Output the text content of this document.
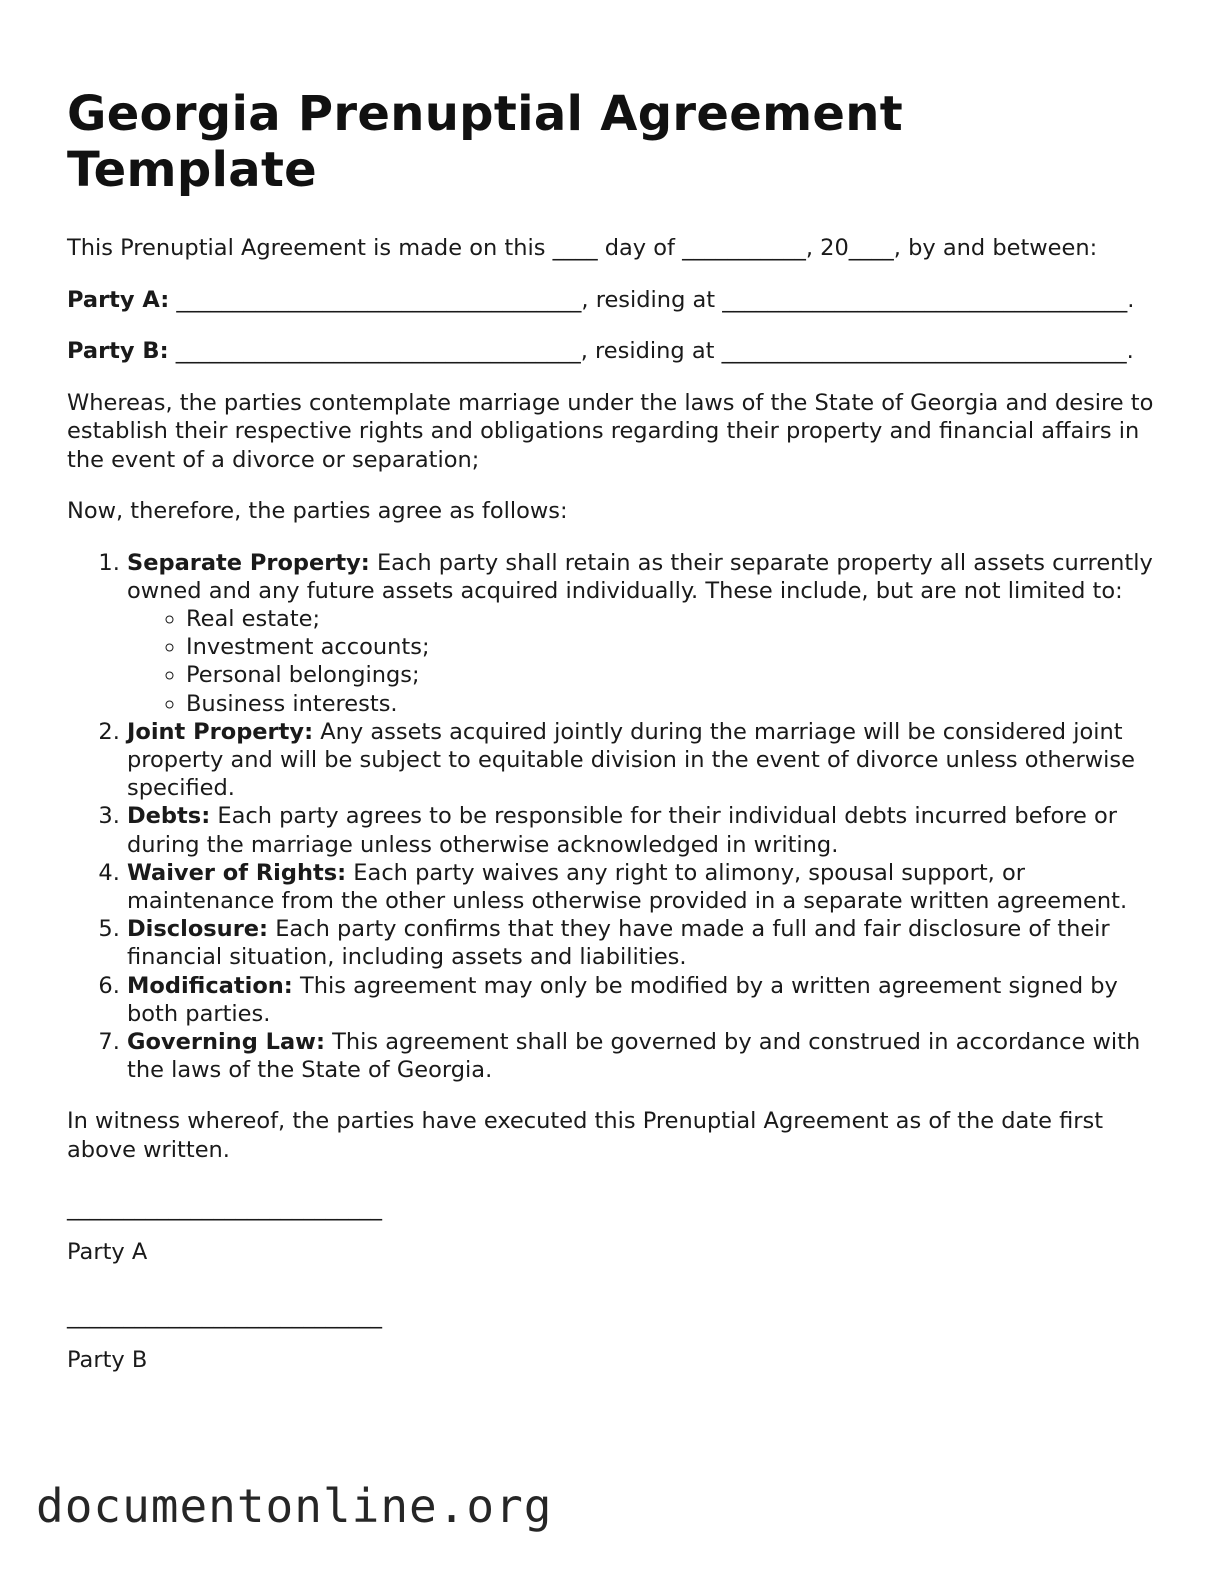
Georgia Prenuptial Agreement Template

This Prenuptial Agreement is made on this ____ day of ___________, 20____, by and between:

Party A: ____________________________________, residing at ____________________________________.

Party B: ____________________________________, residing at ____________________________________.

Whereas, the parties contemplate marriage under the laws of the State of Georgia and desire to establish their respective rights and obligations regarding their property and financial affairs in the event of a divorce or separation;

Now, therefore, the parties agree as follows:

1. Separate Property: Each party shall retain as their separate property all assets currently owned and any future assets acquired individually. These include, but are not limited to:
◦ Real estate;
◦ Investment accounts;
◦ Personal belongings;
◦ Business interests.
2. Joint Property: Any assets acquired jointly during the marriage will be considered joint property and will be subject to equitable division in the event of divorce unless otherwise specified.
3. Debts: Each party agrees to be responsible for their individual debts incurred before or during the marriage unless otherwise acknowledged in writing.
4. Waiver of Rights: Each party waives any right to alimony, spousal support, or maintenance from the other unless otherwise provided in a separate written agreement.
5. Disclosure: Each party confirms that they have made a full and fair disclosure of their financial situation, including assets and liabilities.
6. Modification: This agreement may only be modified by a written agreement signed by both parties.
7. Governing Law: This agreement shall be governed by and construed in accordance with the laws of the State of Georgia.

In witness whereof, the parties have executed this Prenuptial Agreement as of the date first above written.

____________________________

Party A

____________________________

Party B

documentonline.org
